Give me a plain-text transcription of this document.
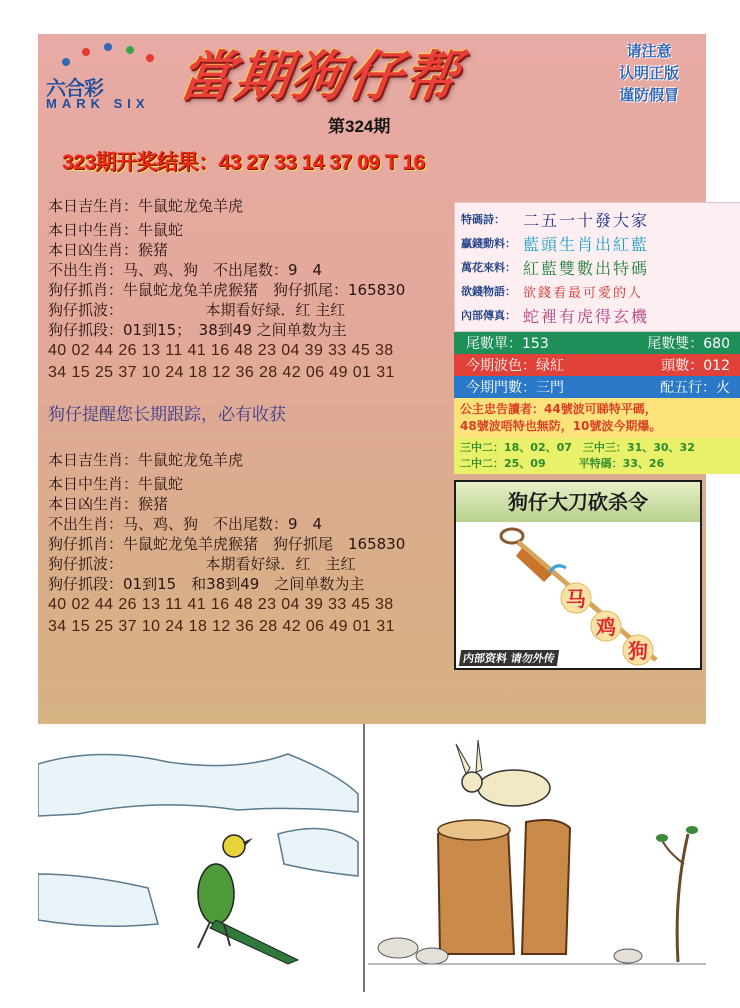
六合彩
MARK SIX 當期狗仔帮	请注意
认明正版
谨防假冒
第324期
323期开奖结果：43 27 33 14 37 09 T 16
本日吉生肖：牛鼠蛇龙兔羊虎
本日中生肖：牛鼠蛇
本日凶生肖：猴猪
不出生肖：马、鸡、狗　不出尾数：9　4
狗仔抓肖：牛鼠蛇龙兔羊虎猴猪　狗仔抓尾：165830
狗仔抓波：　　　　　　本期看好绿．红 主红
狗仔抓段：01到15；　38到49 之间单数为主
40 02 44 26 13 11 41 16 48 23 04 39 33 45 38
34 15 25 37 10 24 18 12 36 28 42 06 49 01 31
狗仔提醒您长期跟踪，必有收获
本日吉生肖：牛鼠蛇龙兔羊虎
本日中生肖：牛鼠蛇
本日凶生肖：猴猪
不出生肖：马、鸡、狗　不出尾数：9　4
狗仔抓肖：牛鼠蛇龙兔羊虎猴猪　狗仔抓尾　165830
狗仔抓波：　　　　　　本期看好绿．红　主红
狗仔抓段：01到15　和38到49　之间单数为主
40 02 44 26 13 11 41 16 48 23 04 39 33 45 38
34 15 25 37 10 24 18 12 36 28 42 06 49 01 31
特碼詩：	二五一十發大家
贏錢動料： 藍頭生肖出紅藍
萬花來料： 紅藍雙數出特碼
欲錢物語： 欲錢看最可愛的人
內部傳真： 蛇裡有虎得玄機
尾數單：153	尾數雙：680
今期波色：绿紅	頭數：012
今期門數：三門	配五行：火
公主忠告讀者：44號波可睇特平碼，
48號波唔特也無防，10號波今期爆。
三中二：18、02、07　三中三：31、30、32
二中二：25、09　　　平特碼：33、26
狗仔大刀砍杀令
马
鸡
狗
内部资料 请勿外传
